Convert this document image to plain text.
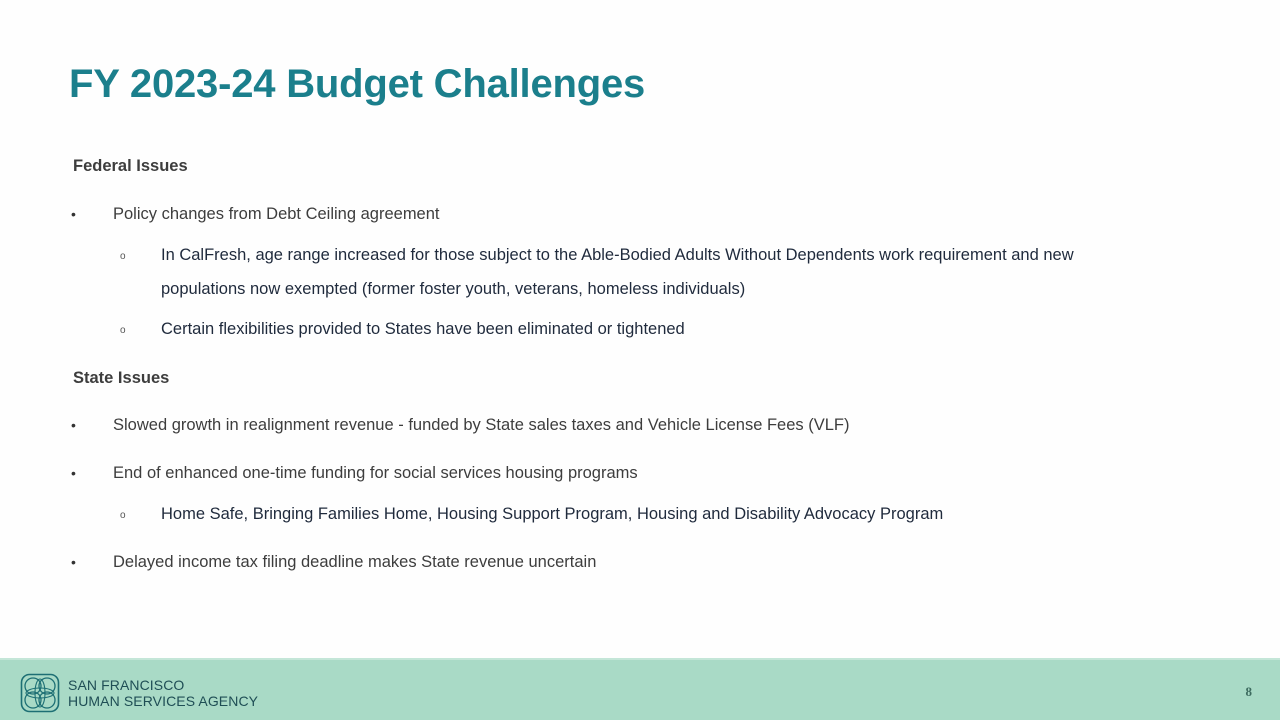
FY 2023-24 Budget Challenges
Federal Issues
• Policy changes from Debt Ceiling agreement
o In CalFresh, age range increased for those subject to the Able-Bodied Adults Without Dependents work requirement and new populations now exempted (former foster youth, veterans, homeless individuals)
o Certain flexibilities provided to States have been eliminated or tightened
State Issues
• Slowed growth in realignment revenue - funded by State sales taxes and Vehicle License Fees (VLF)
• End of enhanced one-time funding for social services housing programs
o Home Safe, Bringing Families Home, Housing Support Program, Housing and Disability Advocacy Program
• Delayed income tax filing deadline makes State revenue uncertain
SAN FRANCISCO
HUMAN SERVICES AGENCY
8
